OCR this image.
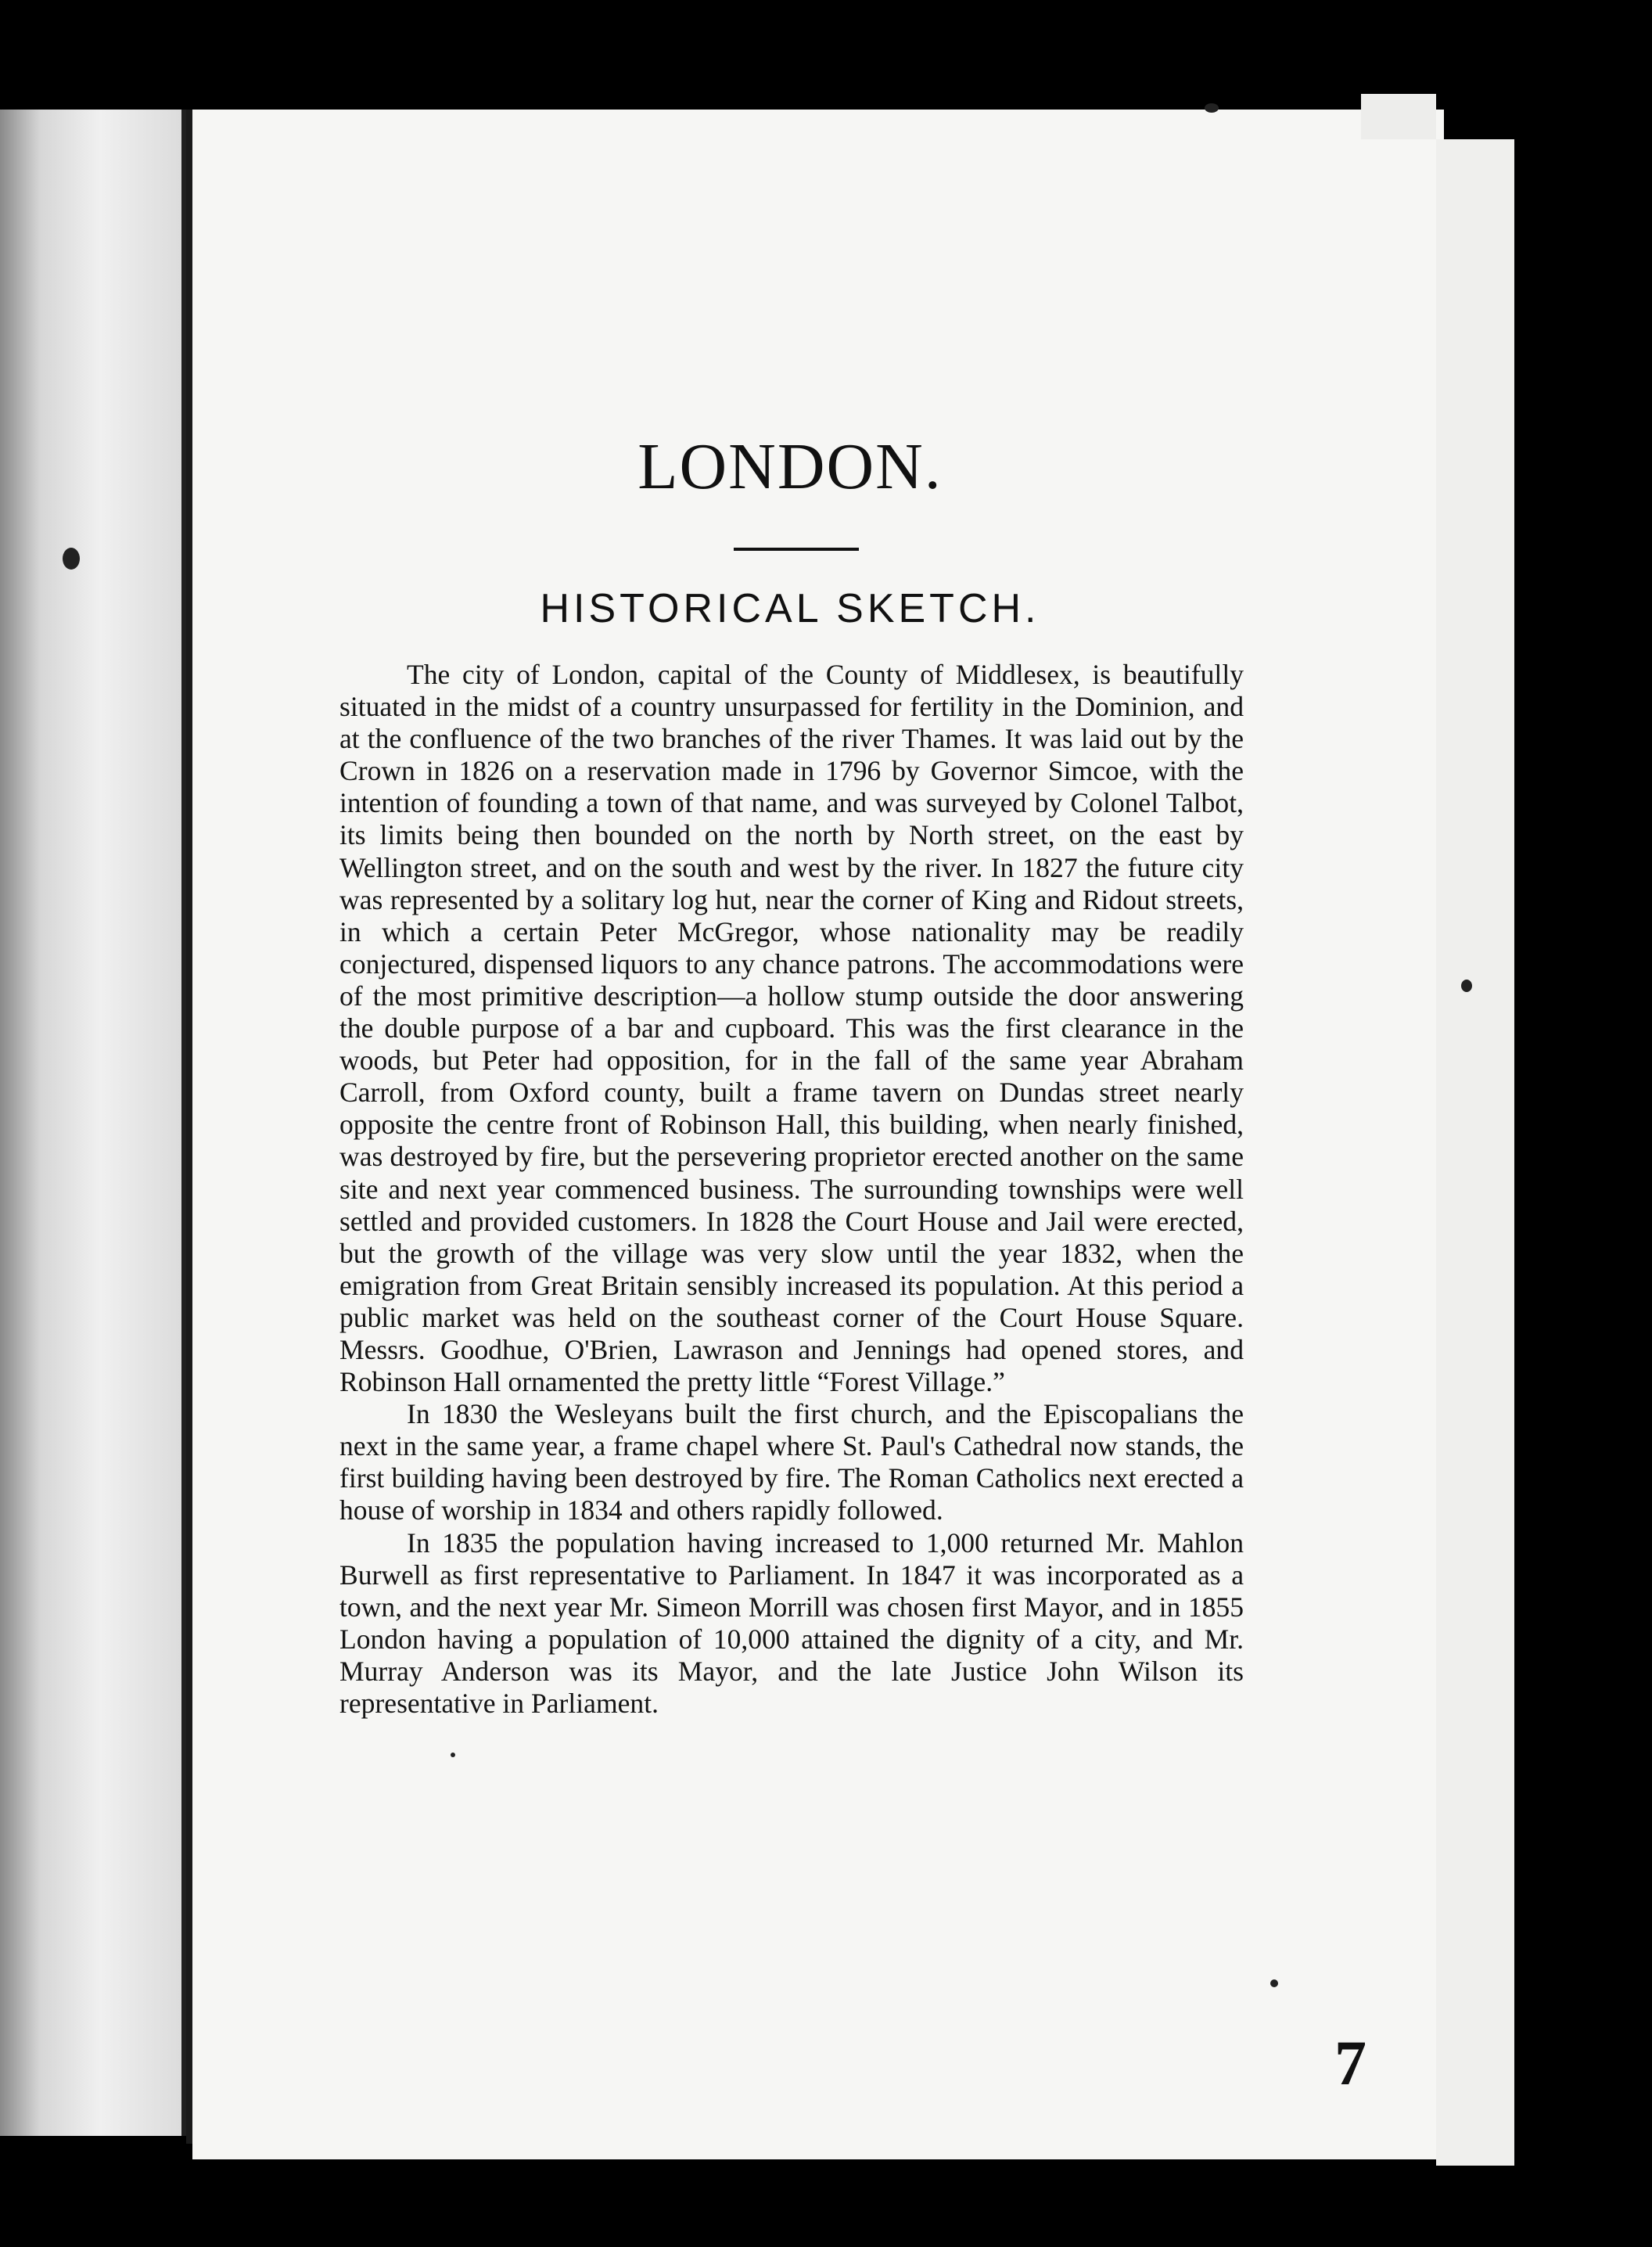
LONDON.
HISTORICAL SKETCH.

The city of London, capital of the County of Middlesex, is beautifully situated in the midst of a country unsurpassed for fertility in the Dominion, and at the confluence of the two branches of the river Thames. It was laid out by the Crown in 1826 on a reservation made in 1796 by Governor Simcoe, with the intention of founding a town of that name, and was surveyed by Colonel Talbot, its limits being then bounded on the north by North street, on the east by Wellington street, and on the south and west by the river. In 1827 the future city was represented by a solitary log hut, near the corner of King and Ridout streets, in which a certain Peter McGregor, whose nationality may be readily conjectured, dispensed liquors to any chance patrons. The accommodations were of the most primitive description—a hollow stump outside the door answering the double purpose of a bar and cupboard. This was the first clearance in the woods, but Peter had opposition, for in the fall of the same year Abraham Carroll, from Oxford county, built a frame tavern on Dundas street nearly opposite the centre front of Robinson Hall, this building, when nearly finished, was destroyed by fire, but the persevering proprietor erected another on the same site and next year commenced business. The surrounding townships were well settled and provided customers. In 1828 the Court House and Jail were erected, but the growth of the village was very slow until the year 1832, when the emigration from Great Britain sensibly increased its population. At this period a public market was held on the southeast corner of the Court House Square. Messrs. Goodhue, O'Brien, Lawrason and Jennings had opened stores, and Robinson Hall ornamented the pretty little “Forest Village.”

In 1830 the Wesleyans built the first church, and the Episcopalians the next in the same year, a frame chapel where St. Paul's Cathedral now stands, the first building having been destroyed by fire. The Roman Catholics next erected a house of worship in 1834 and others rapidly followed.

In 1835 the population having increased to 1,000 returned Mr. Mahlon Burwell as first representative to Parliament. In 1847 it was incorporated as a town, and the next year Mr. Simeon Morrill was chosen first Mayor, and in 1855 London having a population of 10,000 attained the dignity of a city, and Mr. Murray Anderson was its Mayor, and the late Justice John Wilson its representative in Parliament.

7
